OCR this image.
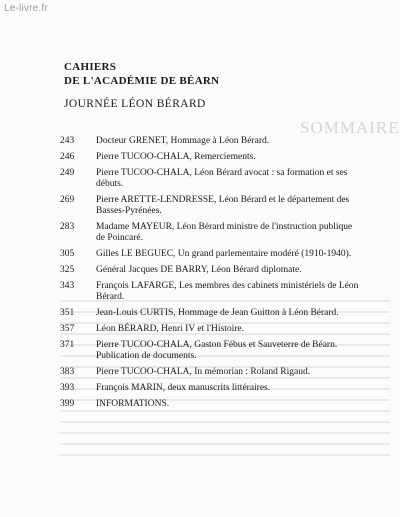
Le-livre.fr
SOMMAIRE
CAHIERS
DE L'ACADÉMIE DE BÉARN
JOURNÉE LÉON BÉRARD
243	Docteur GRENET, Hommage à Léon Bérard.
246	Pierre TUCOO-CHALA, Remerciements.
249	Pierre TUCOO-CHALA, Léon Bérard avocat : sa formation et ses débuts.
269	Pierre ARETTE-LENDRESSE, Léon Bérard et le département des Basses-Pyrénées.
283	Madame MAYEUR, Léon Bérard ministre de l'instruction publique de Poincaré.
305	Gilles LE BEGUEC, Un grand parlementaire modéré (1910-1940).
325	Général Jacques DE BARRY, Léon Bérard diplomate.
343	François LAFARGE, Les membres des cabinets ministériels de Léon Bérard.
351	Jean-Louis CURTIS, Hommage de Jean Guitton à Léon Bérard.
357	Léon BÉRARD, Henri IV et l'Histoire.
371	Pierre TUCOO-CHALA, Gaston Fébus et Sauveterre de Béarn. Publication de documents.
383	Pierre TUCOO-CHALA, In mémorian : Roland Rigaud.
393	François MARIN, deux manuscrits littéraires.
399	INFORMATIONS.
